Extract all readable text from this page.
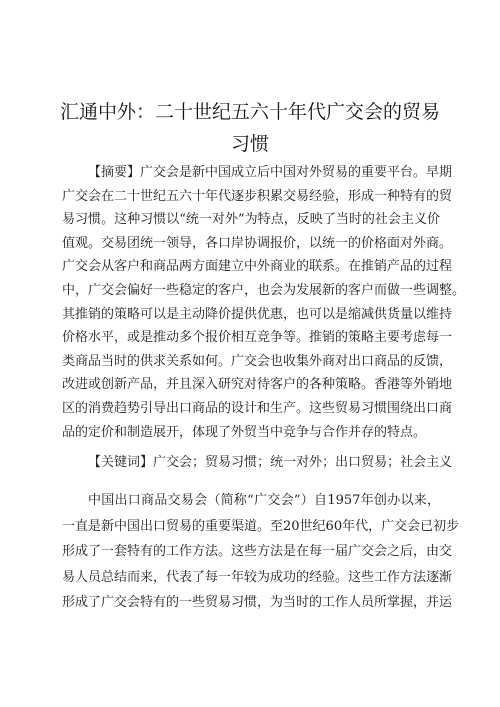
汇通中外：二十世纪五六十年代广交会的贸易
习惯
【摘要】广交会是新中国成立后中国对外贸易的重要平台。早期
广交会在二十世纪五六十年代逐步积累交易经验，形成一种特有的贸
易习惯。这种习惯以“统一对外”为特点，反映了当时的社会主义价
值观。交易团统一领导，各口岸协调报价，以统一的价格面对外商。
广交会从客户和商品两方面建立中外商业的联系。在推销产品的过程
中，广交会偏好一些稳定的客户，也会为发展新的客户而做一些调整。
其推销的策略可以是主动降价提供优惠，也可以是缩减供货量以维持
价格水平，或是推动多个报价相互竞争等。推销的策略主要考虑每一
类商品当时的供求关系如何。广交会也收集外商对出口商品的反馈，
改进或创新产品，并且深入研究对待客户的各种策略。香港等外销地
区的消费趋势引导出口商品的设计和生产。这些贸易习惯围绕出口商
品的定价和制造展开，体现了外贸当中竞争与合作并存的特点。
【关键词】广交会；贸易习惯；统一对外；出口贸易；社会主义
中国出口商品交易会（简称“广交会”）自1957年创办以来，
一直是新中国出口贸易的重要渠道。至20世纪60年代，广交会已初步
形成了一套特有的工作方法。这些方法是在每一届广交会之后，由交
易人员总结而来，代表了每一年较为成功的经验。这些工作方法逐渐
形成了广交会特有的一些贸易习惯，为当时的工作人员所掌握，并运
